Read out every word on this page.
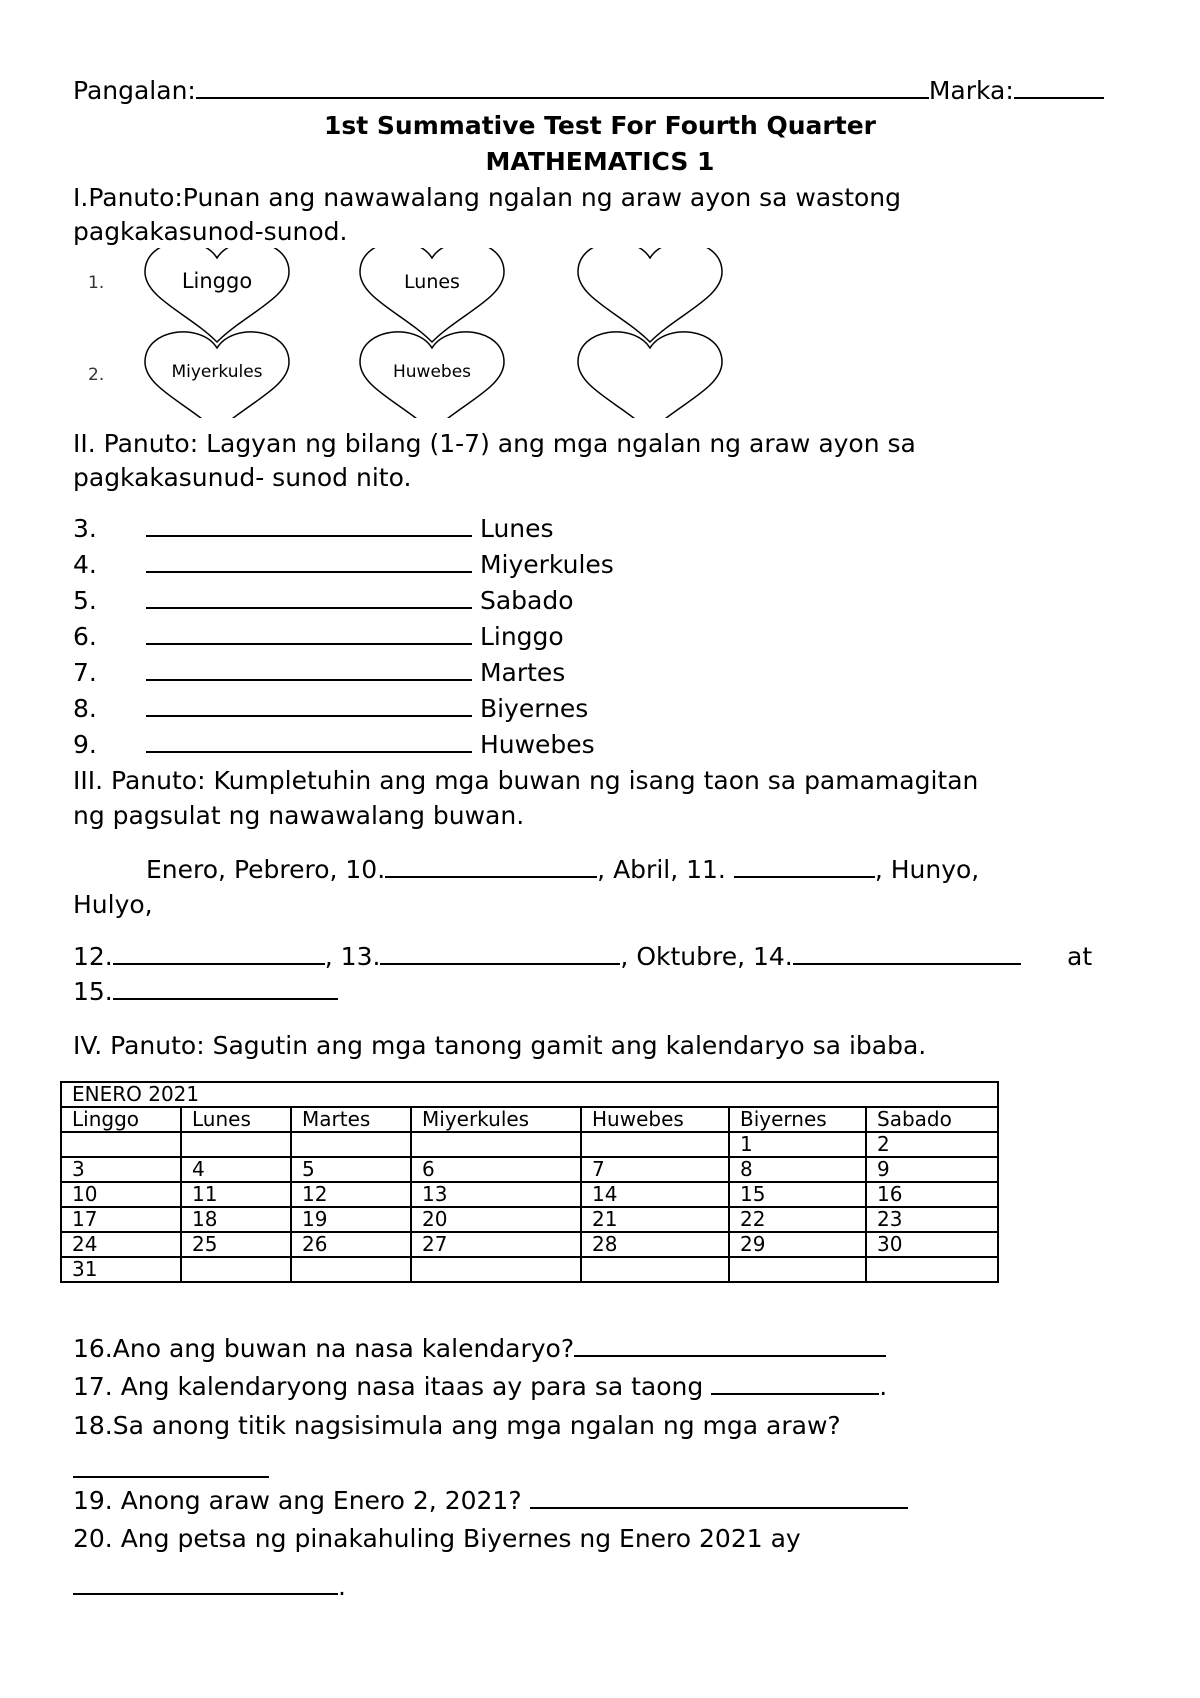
Pangalan:	Marka:
1st Summative Test For Fourth Quarter
MATHEMATICS 1
I.Panuto:Punan ang nawawalang ngalan ng araw ayon sa wastong
pagkakasunod-sunod.
1.
2.
Linggo	Lunes
Miyerkules	Huwebes
II. Panuto: Lagyan ng bilang (1-7) ang mga ngalan ng araw ayon sa
pagkakasunud- sunod nito.
3.	Lunes
4.	Miyerkules
5.	Sabado
6.	Linggo
7.	Martes
8.	Biyernes
9.	Huwebes
III. Panuto: Kumpletuhin ang mga buwan ng isang taon sa pamamagitan
ng pagsulat ng nawawalang buwan.
Enero, Pebrero, 10.	, Abril, 11.	, Hunyo,
Hulyo,
12.	, 13.	, Oktubre, 14.	at
15.
IV. Panuto: Sagutin ang mga tanong gamit ang kalendaryo sa ibaba.
ENERO 2021						
Linggo	Lunes	Martes	Miyerkules	Huwebes	Biyernes	Sabado
					1	2
3	4	5	6	7	8	9
10	11	12	13	14	15	16
17	18	19	20	21	22	23
24	25	26	27	28	29	30
31						
16.Ano ang buwan na nasa kalendaryo?
17. Ang kalendaryong nasa itaas ay para sa taong	.
18.Sa anong titik nagsisimula ang mga ngalan ng mga araw?
19. Anong araw ang Enero 2, 2021?
20. Ang petsa ng pinakahuling Biyernes ng Enero 2021 ay
.
